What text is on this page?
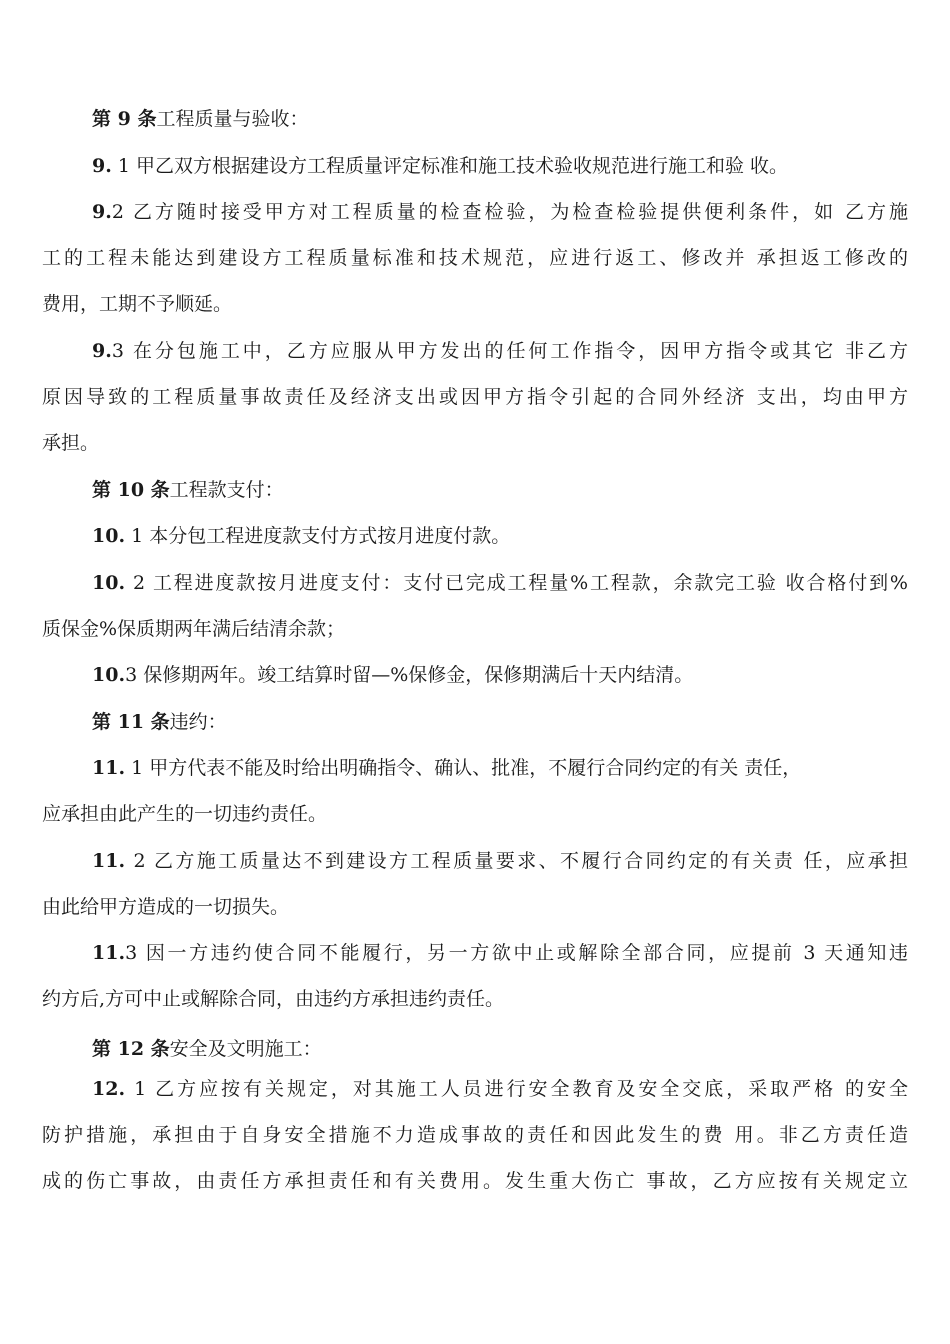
第 9 条工程质量与验收：
9. 1 甲乙双方根据建设方工程质量评定标准和施工技术验收规范进行施工和验 收。
9.2 乙方随时接受甲方对工程质量的检查检验，为检查检验提供便利条件，如 乙方施
工的工程未能达到建设方工程质量标准和技术规范，应进行返工、修改并 承担返工修改的
费用，工期不予顺延。
9.3 在分包施工中，乙方应服从甲方发出的任何工作指令，因甲方指令或其它 非乙方
原因导致的工程质量事故责任及经济支出或因甲方指令引起的合同外经济 支出，均由甲方
承担。
第 10 条工程款支付：
10. 1 本分包工程进度款支付方式按月进度付款。
10. 2 工程进度款按月进度支付：支付已完成工程量%工程款，余款完工验 收合格付到%
质保金%保质期两年满后结清余款；
10.3 保修期两年。竣工结算时留—%保修金，保修期满后十天内结清。
第 11 条违约：
11. 1 甲方代表不能及时给出明确指令、确认、批准，不履行合同约定的有关 责任，
应承担由此产生的一切违约责任。
11. 2 乙方施工质量达不到建设方工程质量要求、不履行合同约定的有关责 任，应承担
由此给甲方造成的一切损失。
11.3 因一方违约使合同不能履行，另一方欲中止或解除全部合同，应提前 3 天通知违
约方后,方可中止或解除合同，由违约方承担违约责任。
第 12 条安全及文明施工：
12. 1 乙方应按有关规定，对其施工人员进行安全教育及安全交底，采取严格 的安全
防护措施，承担由于自身安全措施不力造成事故的责任和因此发生的费 用。非乙方责任造
成的伤亡事故，由责任方承担责任和有关费用。发生重大伤亡 事故，乙方应按有关规定立
